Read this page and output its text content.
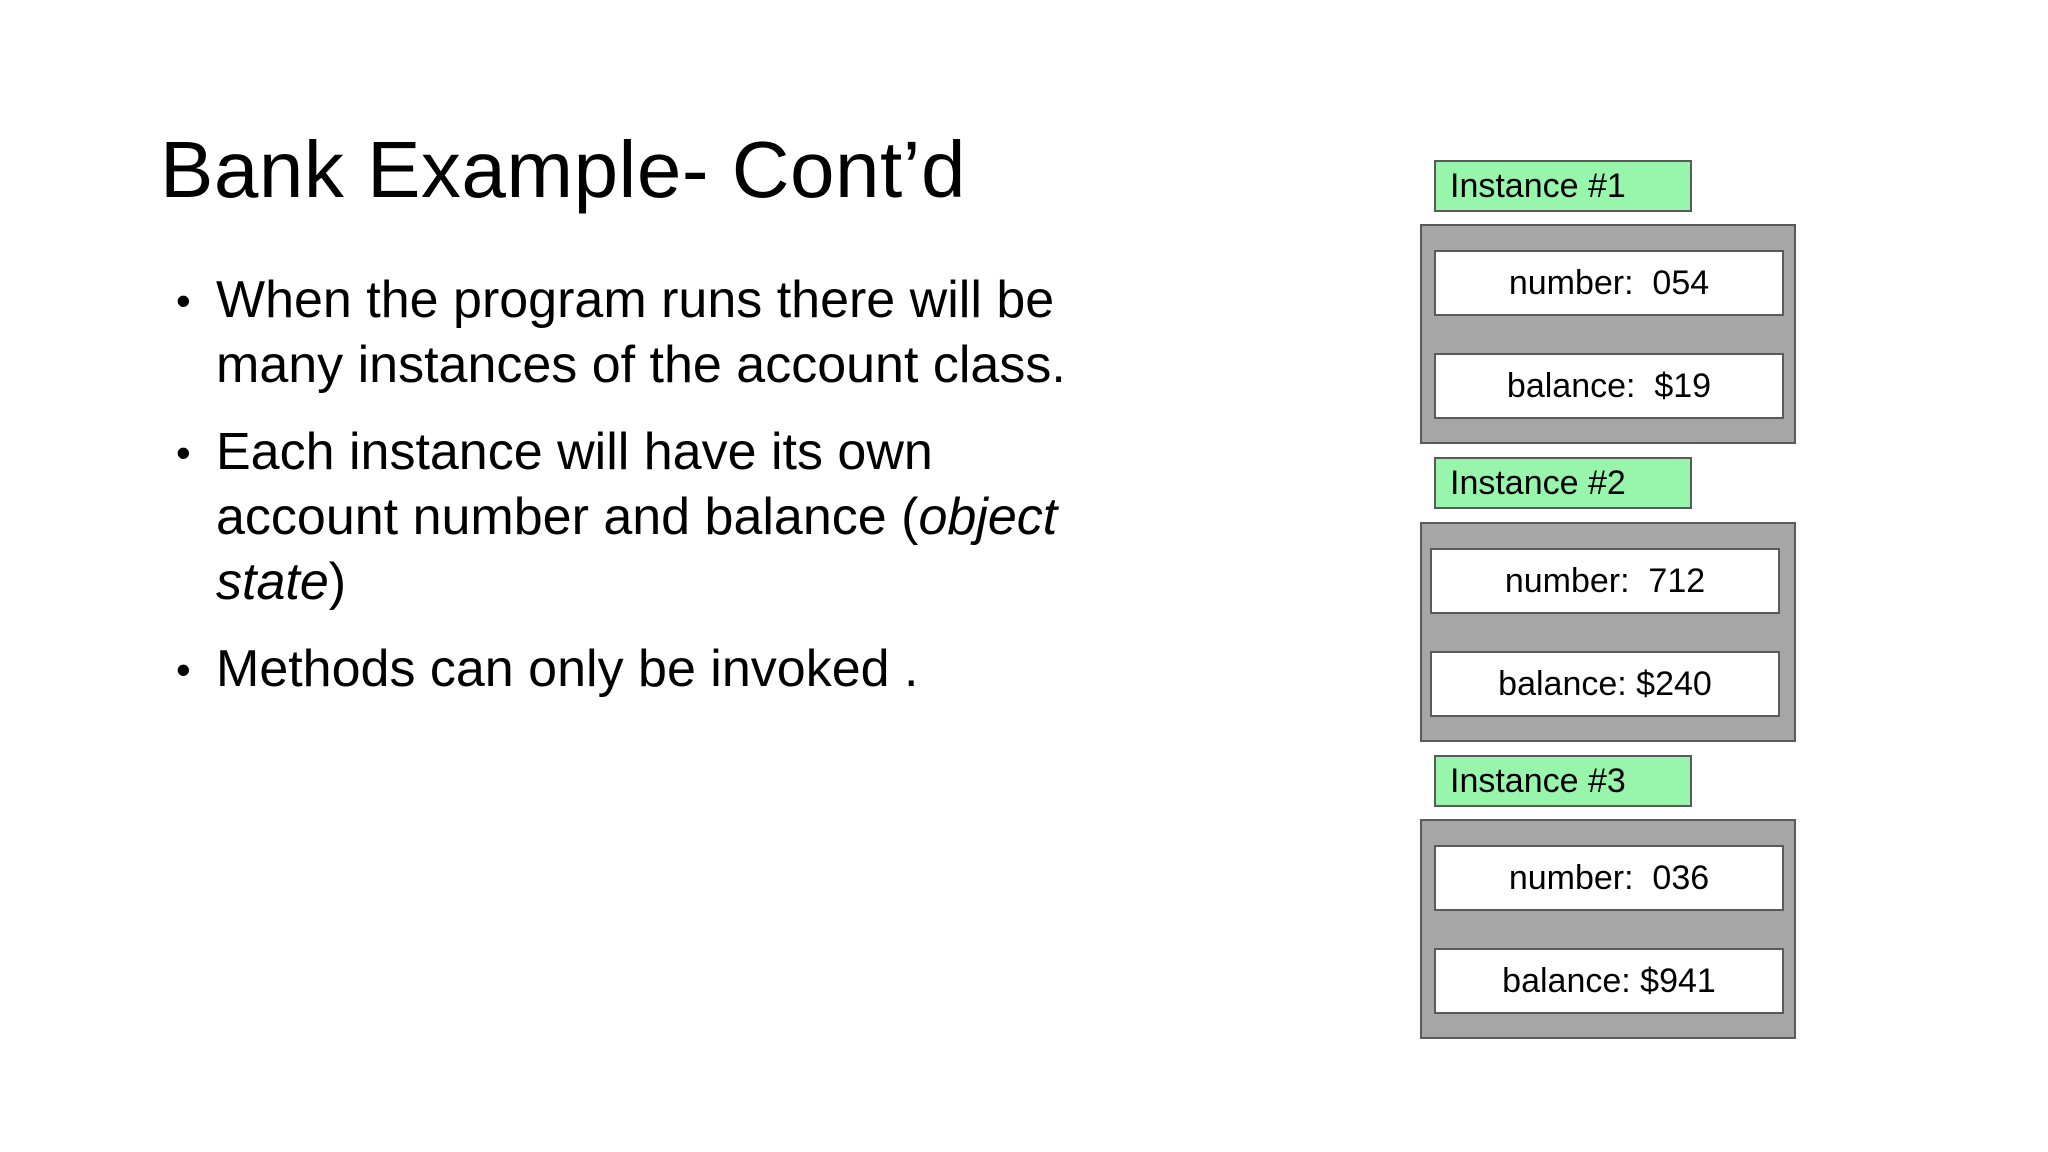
Bank Example- Cont’d
• When the program runs there will be many instances of the account class.
• Each instance will have its own account number and balance (object state)
• Methods can only be invoked .
Instance #1
number:  054
balance:  $19
Instance #2
number:  712
balance: $240
Instance #3
number:  036
balance: $941
